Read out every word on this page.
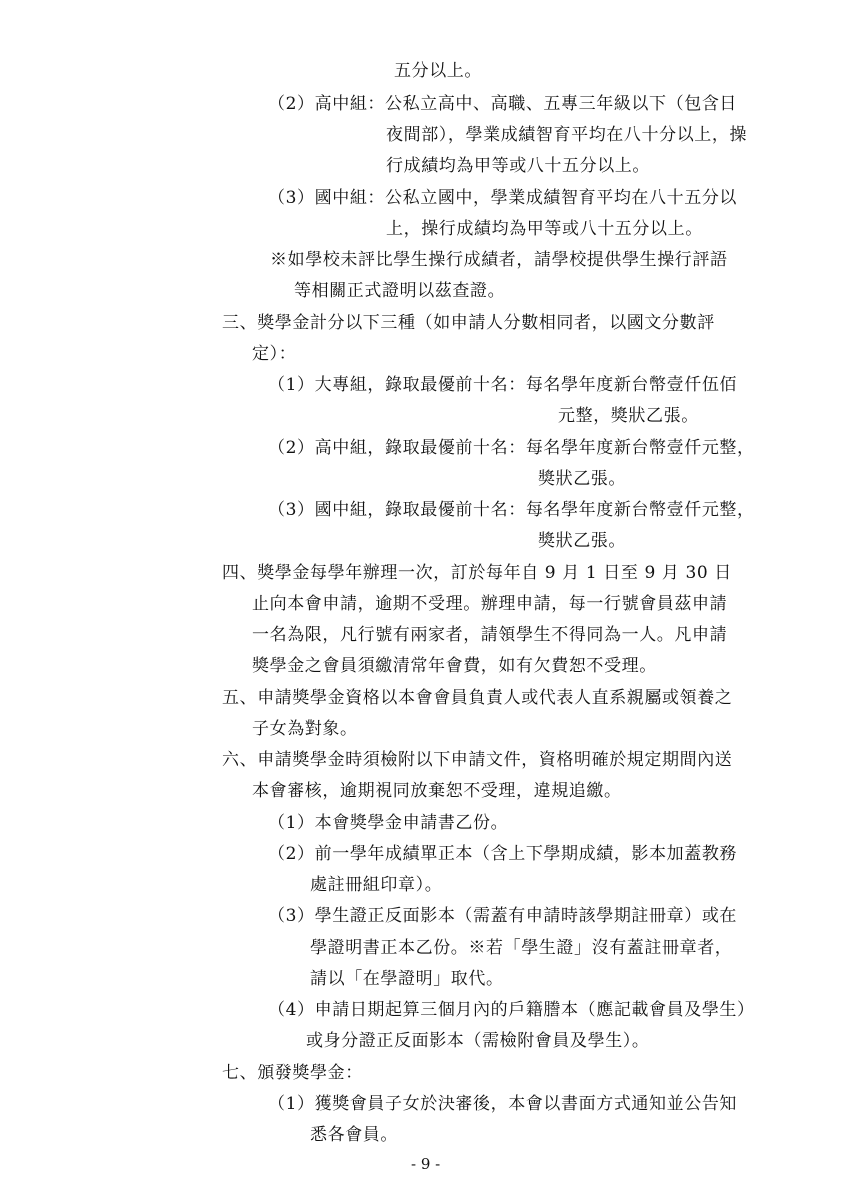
五分以上。
（2）高中組：公私立高中、高職、五專三年級以下（包含日
夜間部），學業成績智育平均在八十分以上，操
行成績均為甲等或八十五分以上。
（3）國中組：公私立國中，學業成績智育平均在八十五分以
上，操行成績均為甲等或八十五分以上。
※如學校未評比學生操行成績者，請學校提供學生操行評語
等相關正式證明以茲查證。
三、獎學金計分以下三種（如申請人分數相同者，以國文分數評
定）：
（1）大專組，錄取最優前十名：每名學年度新台幣壹仟伍佰
元整，獎狀乙張。
（2）高中組，錄取最優前十名：每名學年度新台幣壹仟元整，
獎狀乙張。
（3）國中組，錄取最優前十名：每名學年度新台幣壹仟元整，
獎狀乙張。
四、獎學金每學年辦理一次，訂於每年自 9 月 1 日至 9 月 30 日
止向本會申請，逾期不受理。辦理申請，每一行號會員茲申請
一名為限，凡行號有兩家者，請領學生不得同為一人。凡申請
獎學金之會員須繳清常年會費，如有欠費恕不受理。
五、申請獎學金資格以本會會員負責人或代表人直系親屬或領養之
子女為對象。
六、申請獎學金時須檢附以下申請文件，資格明確於規定期間內送
本會審核，逾期視同放棄恕不受理，違規追繳。
（1）本會獎學金申請書乙份。
（2）前一學年成績單正本（含上下學期成績，影本加蓋教務
處註冊組印章）。
（3）學生證正反面影本（需蓋有申請時該學期註冊章）或在
學證明書正本乙份。※若「學生證」沒有蓋註冊章者，
請以「在學證明」取代。
（4）申請日期起算三個月內的戶籍謄本（應記載會員及學生）
或身分證正反面影本（需檢附會員及學生）。
七、頒發獎學金：
（1）獲獎會員子女於決審後，本會以書面方式通知並公告知
悉各會員。
- 9 -
